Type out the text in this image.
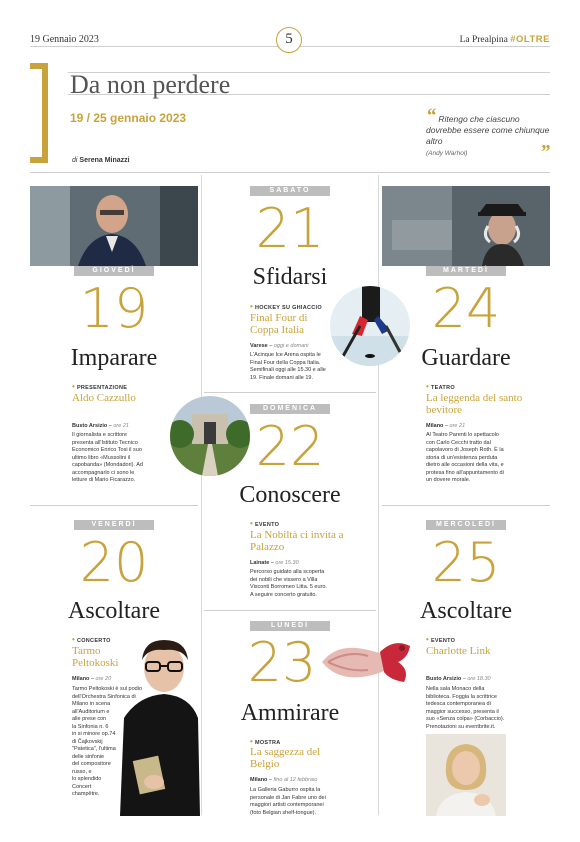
19 Gennaio 2023	5	La Prealpina #OLTRE
Da non perdere
19 / 25 gennaio 2023
di Serena Minazzi
“ Ritengo che ciascuno dovrebbe essere come chiunque altro
(Andy Warhol)	”
GIOVEDÌ
19
Imparare
• PRESENTAZIONE
Aldo Cazzullo
Busto Arsizio – ore 21
Il giornalista e scrittore
presenta all'Istituto Tecnico
Economico Enrico Tosi il suo
ultimo libro «Mussolini il
capobanda» (Mondadori). Ad
accompagnarlo ci sono le
letture di Mario Ficarazzo.
VENERDÌ
20
Ascoltare
• CONCERTO
Tarmo Peltokoski
Milano – ore 20
Tarmo Peltokoski è sul podio
dell'Orchestra Sinfonica di
Milano in scena
all'Auditorium e
alle prese con
la Sinfonia n. 6
in si minore op.74
di Čajkovskij
"Patetica", l'ultima
delle sinfonie
del compositore
russo, e
lo splendido
Concert
champêtre.
SABATO
21
Sfidarsi
• HOCKEY SU GHIACCIO
Final Four di Coppa Italia
Varese – oggi e domani
L'Acinque Ice Arena ospita le
Final Four della Coppa Italia.
Semifinali oggi alle 15.30 e alle
19. Finale domani alle 19.
DOMENICA
22
Conoscere
• EVENTO
La Nobiltà ci invita a Palazzo
Lainate – ore 15.30
Percorso guidato alla scoperta
dei nobili che vissero a Villa
Visconti Borromeo Litta. 5 euro.
A seguire concerto gratuito.
LUNEDÌ
23
Ammirare
• MOSTRA
La saggezza del Belgio
Milano – fino al 12 febbraio
La Galleria Gaburro ospita la
personale di Jan Fabre uno dei
maggiori artisti contemporanei
(foto Belgian shelf-tongue).
MARTEDÌ
24
Guardare
• TEATRO
La leggenda del santo bevitore
Milano – ore 21
Al Teatro Parenti lo spettacolo
con Carlo Cecchi tratto dal
capolavoro di Joseph Roth. È la
storia di un'esistenza perduta
dietro alle occasioni della vita, e
protesa fino all'appuntamento di
un dovere morale.
MERCOLEDÌ
25
Ascoltare
• EVENTO
Charlotte Link
Busto Arsizio – ore 18.30
Nella sala Monaco della
biblioteca. Foggia la scrittrice
tedesca contemporanea di
maggior successo, presenta il
suo «Senza colpa» (Corbaccio).
Prenotazioni su eventbrite.it.
